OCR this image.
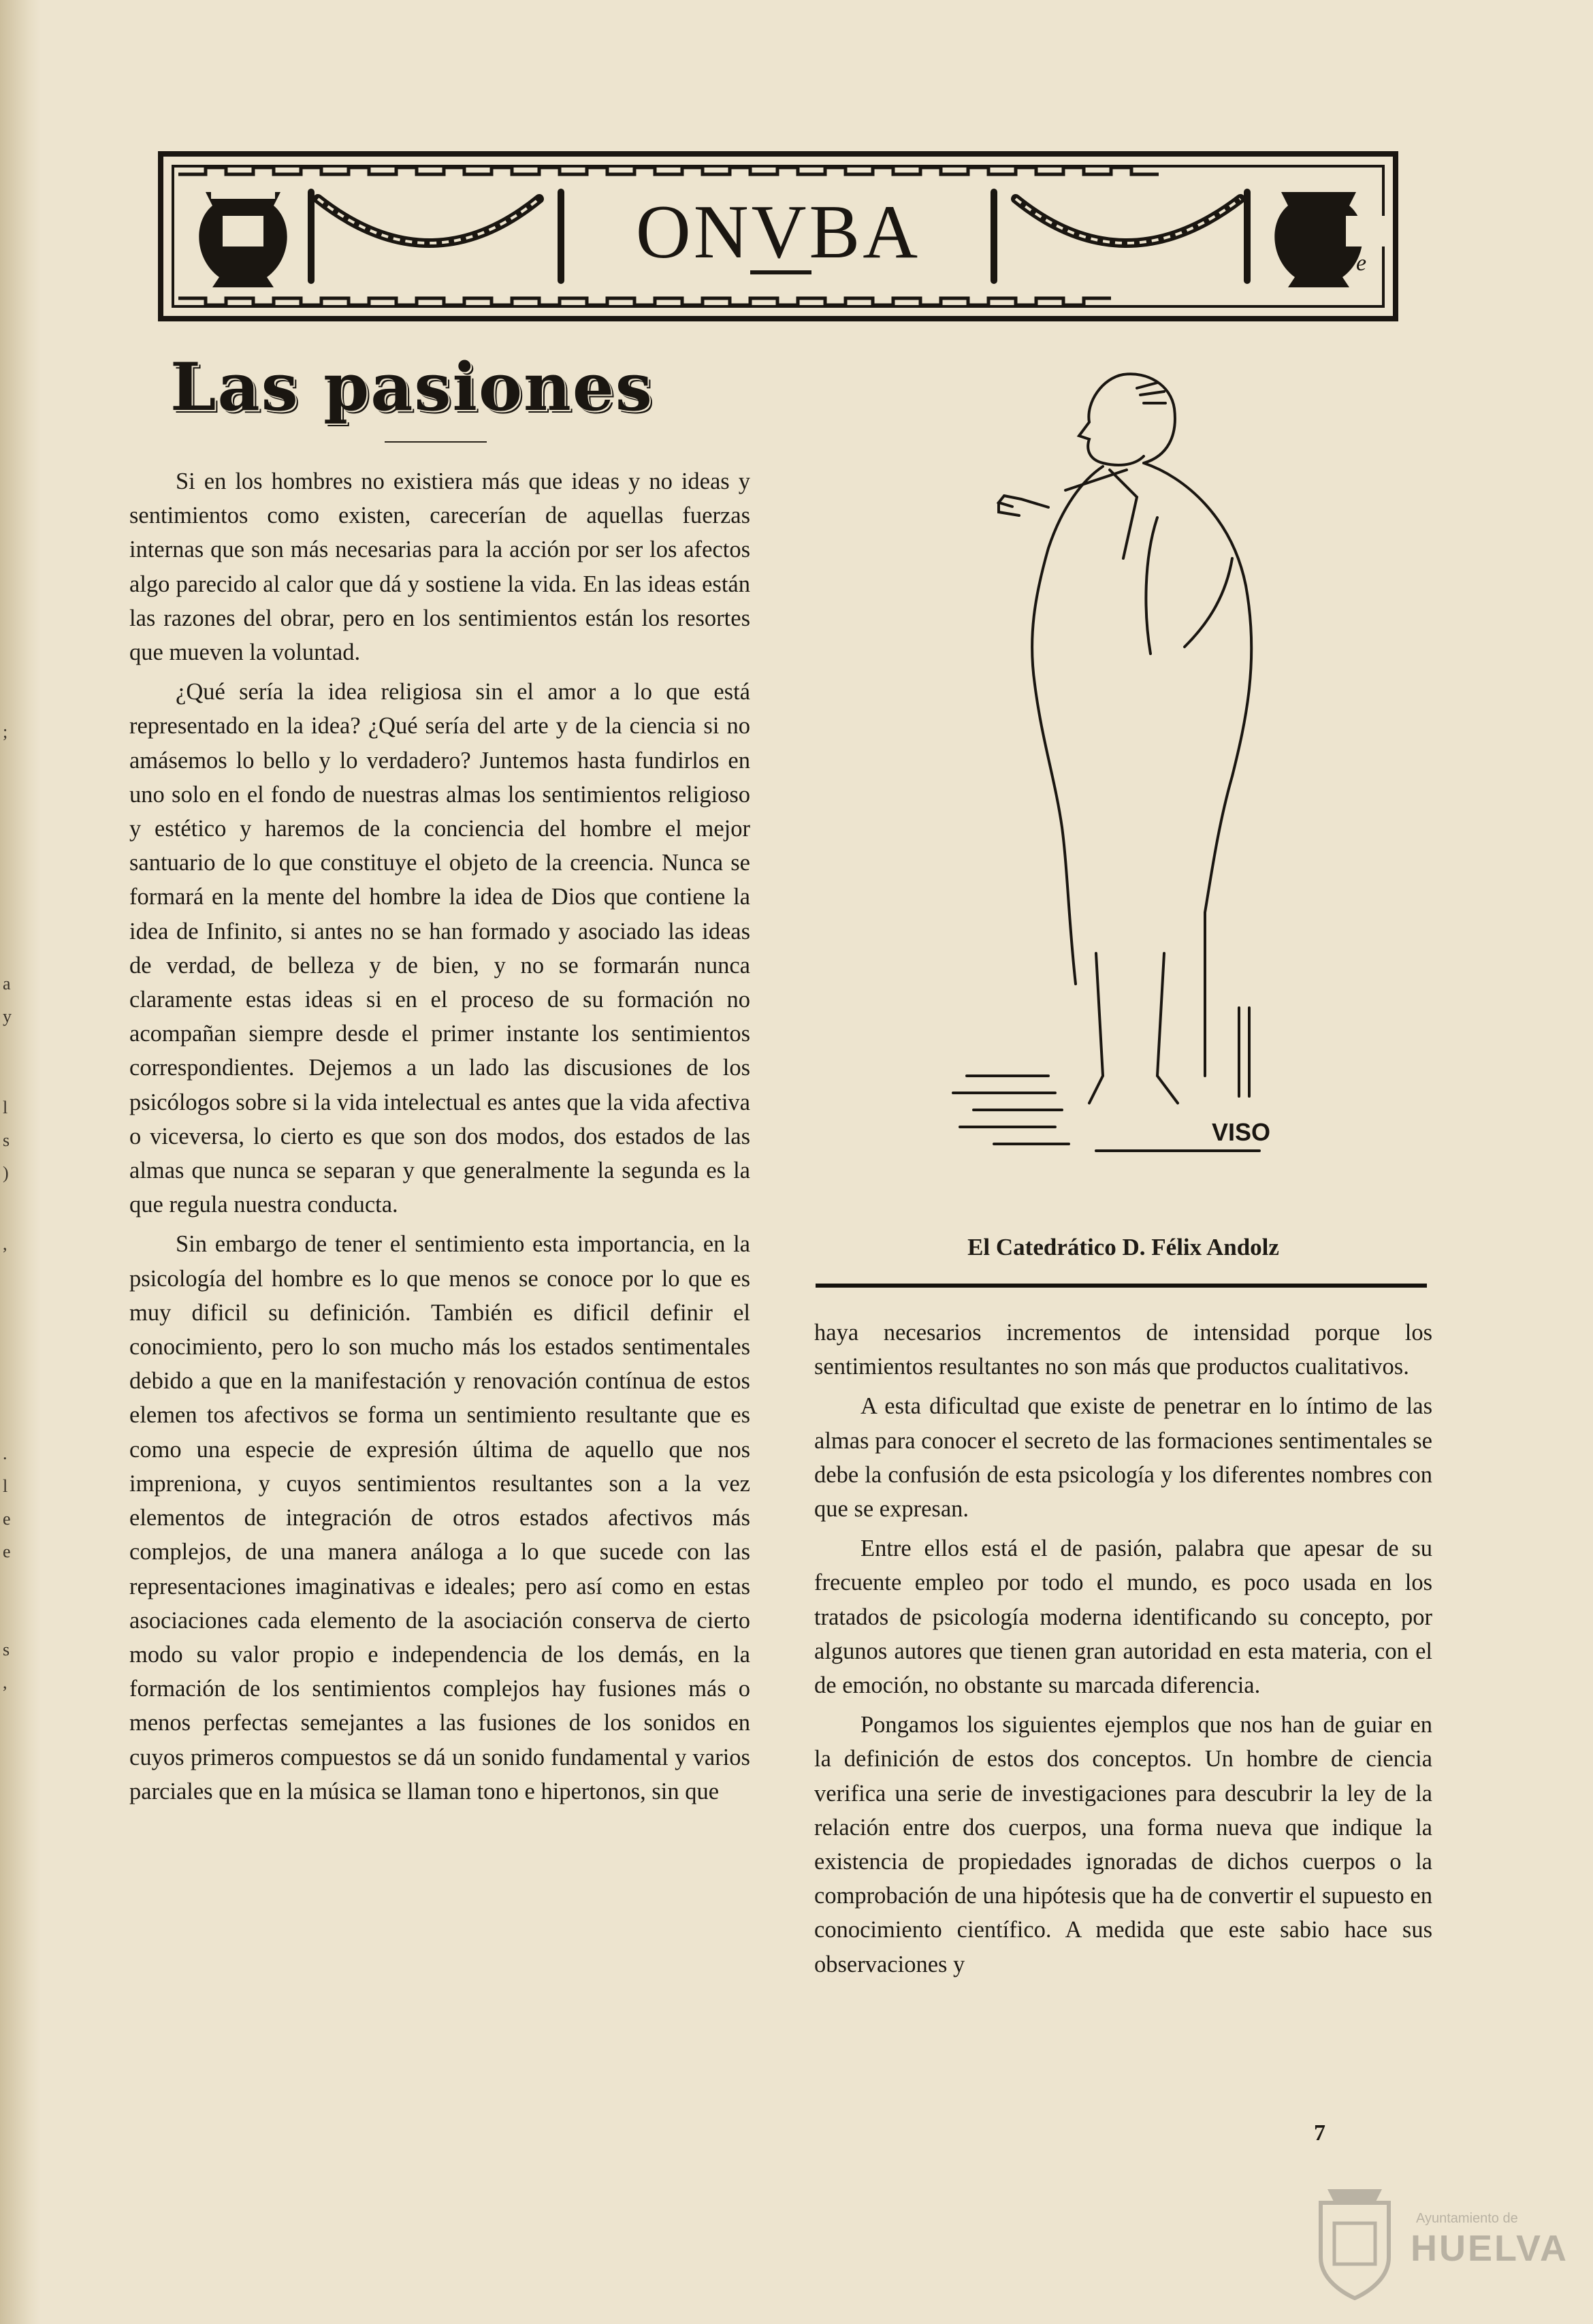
;
a
y
l
s
)
,
.
l
e
e
s
,
e
ONVBA
Las pasiones

Si en los hombres no existiera más que ideas y no ideas y sentimientos como existen, carecerían de aquellas fuerzas internas que son más necesarias para la acción por ser los afectos algo parecido al calor que dá y sostiene la vida. En las ideas están las razones del obrar, pero en los sentimientos están los resortes que mueven la voluntad.

¿Qué sería la idea religiosa sin el amor a lo que está representado en la idea? ¿Qué sería del arte y de la ciencia si no amásemos lo bello y lo verdadero? Juntemos hasta fundirlos en uno solo en el fondo de nuestras almas los sentimientos religioso y estético y haremos de la conciencia del hombre el mejor santuario de lo que constituye el objeto de la creencia. Nunca se formará en la mente del hombre la idea de Dios que contiene la idea de Infinito, si antes no se han formado y asociado las ideas de verdad, de belleza y de bien, y no se formarán nunca claramente estas ideas si en el proceso de su formación no acompañan siempre desde el primer instante los sentimientos correspondientes. Dejemos a un lado las discusiones de los psicólogos sobre si la vida intelectual es antes que la vida afectiva o viceversa, lo cierto es que son dos modos, dos estados de las almas que nunca se separan y que generalmente la segunda es la que regula nuestra conducta.

Sin embargo de tener el sentimiento esta importancia, en la psicología del hombre es lo que menos se conoce por lo que es muy dificil su definición. También es dificil definir el conocimiento, pero lo son mucho más los estados sentimentales debido a que en la manifestación y renovación contínua de estos elemen tos afectivos se forma un sentimiento resultante que es como una especie de expresión última de aquello que nos impreniona, y cuyos sentimientos resultantes son a la vez elementos de integración de otros estados afectivos más complejos, de una manera análoga a lo que sucede con las representaciones imaginativas e ideales; pero así como en estas asociaciones cada elemento de la asociación conserva de cierto modo su valor propio e independencia de los demás, en la formación de los sentimientos complejos hay fusiones más o menos perfectas semejantes a las fusiones de los sonidos en cuyos primeros compuestos se dá un sonido fundamental y varios parciales que en la música se llaman tono e hipertonos, sin que

VISO
El Catedrático D. Félix Andolz

haya necesarios incrementos de intensidad porque los sentimientos resultantes no son más que productos cualitativos.

A esta dificultad que existe de penetrar en lo íntimo de las almas para conocer el secreto de las formaciones sentimentales se debe la confusión de esta psicología y los diferentes nombres con que se expresan.

Entre ellos está el de pasión, palabra que apesar de su frecuente empleo por todo el mundo, es poco usada en los tratados de psicología moderna identificando su concepto, por algunos autores que tienen gran autoridad en esta materia, con el de emoción, no obstante su marcada diferencia.

Pongamos los siguientes ejemplos que nos han de guiar en la definición de estos dos conceptos. Un hombre de ciencia verifica una serie de investigaciones para descubrir la ley de la relación entre dos cuerpos, una forma nueva que indique la existencia de propiedades ignoradas de dichos cuerpos o la comprobación de una hipótesis que ha de convertir el supuesto en conocimiento científico. A medida que este sabio hace sus observaciones y

7
Ayuntamiento de
HUELVA
